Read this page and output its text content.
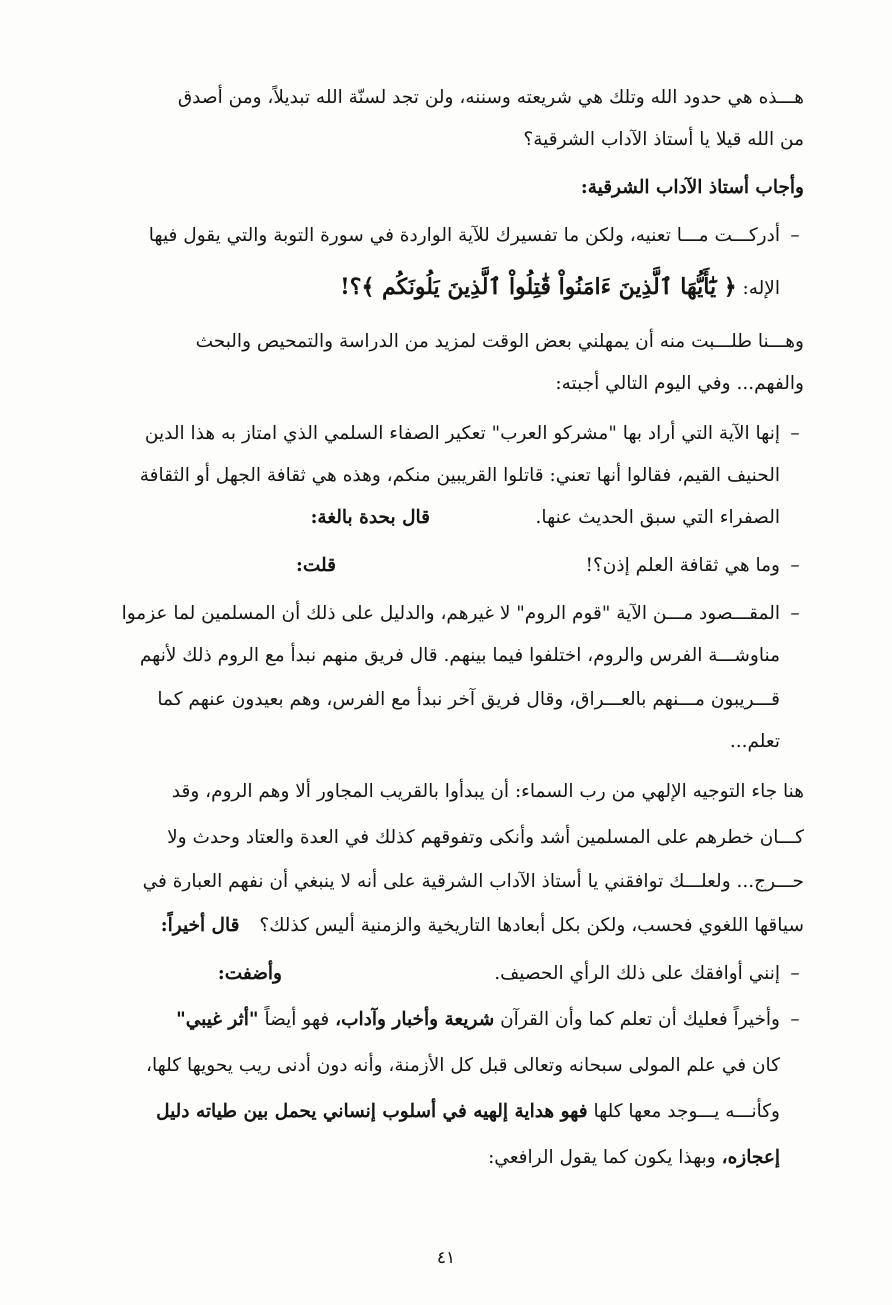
هـــذه هي حدود الله وتلك هي شريعته وسننه، ولن تجد لسنّة الله تبديلاً، ومن أصدق
من الله قيلا يا أستاذ الآداب الشرقية؟
وأجاب أستاذ الآداب الشرقية:
–
أدركـــت مـــا تعنيه، ولكن ما تفسيرك للآية الواردة في سورة التوبة والتي يقول فيها
الإله: ﴿ يَٰٓأَيُّهَا ٱلَّذِينَ ءَامَنُواْ قَٰتِلُواْ ٱلَّذِينَ يَلُونَكُم ﴾؟!
وهـــنا طلـــبت منه أن يمهلني بعض الوقت لمزيد من الدراسة والتمحيص والبحث
والفهم... وفي اليوم التالي أجبته:
–
إنها الآية التي أراد بها "مشركو العرب" تعكير الصفاء السلمي الذي امتاز به هذا الدين
الحنيف القيم، فقالوا أنها تعني: قاتلوا القريبين منكم، وهذه هي ثقافة الجهل أو الثقافة
الصفراء التي سبق الحديث عنها.
قال بحدة بالغة:
–
وما هي ثقافة العلم إذن؟!
قلت:
–
المقـــصود مـــن الآية "قوم الروم" لا غيرهم، والدليل على ذلك أن المسلمين لما عزموا
مناوشـــة الفرس والروم، اختلفوا فيما بينهم. قال فريق منهم نبدأ مع الروم ذلك لأنهم
قـــريبون مـــنهم بالعـــراق، وقال فريق آخر نبدأ مع الفرس، وهم بعيدون عنهم كما
تعلم...
هنا جاء التوجيه الإلهي من رب السماء: أن يبدأوا بالقريب المجاور ألا وهم الروم، وقد
كـــان خطرهم على المسلمين أشد وأنكى وتفوقهم كذلك في العدة والعتاد وحدث ولا
حـــرج... ولعلـــك توافقني يا أستاذ الآداب الشرقية على أنه لا ينبغي أن نفهم العبارة في
سياقها اللغوي فحسب، ولكن بكل أبعادها التاريخية والزمنية أليس كذلك؟ قال أخيراً:
–
إنني أوافقك على ذلك الرأي الحصيف.
وأضفت:
–
وأخيراً فعليك أن تعلم كما وأن القرآن شريعة وأخبار وآداب، فهو أيضاً "أثر غيبي"
كان في علم المولى سبحانه وتعالى قبل كل الأزمنة، وأنه دون أدنى ريب يحويها كلها،
وكأنـــه يـــوجد معها كلها فهو هداية إلهيه في أسلوب إنساني يحمل بين طياته دليل
إعجازه، وبهذا يكون كما يقول الرافعي:
٤١
